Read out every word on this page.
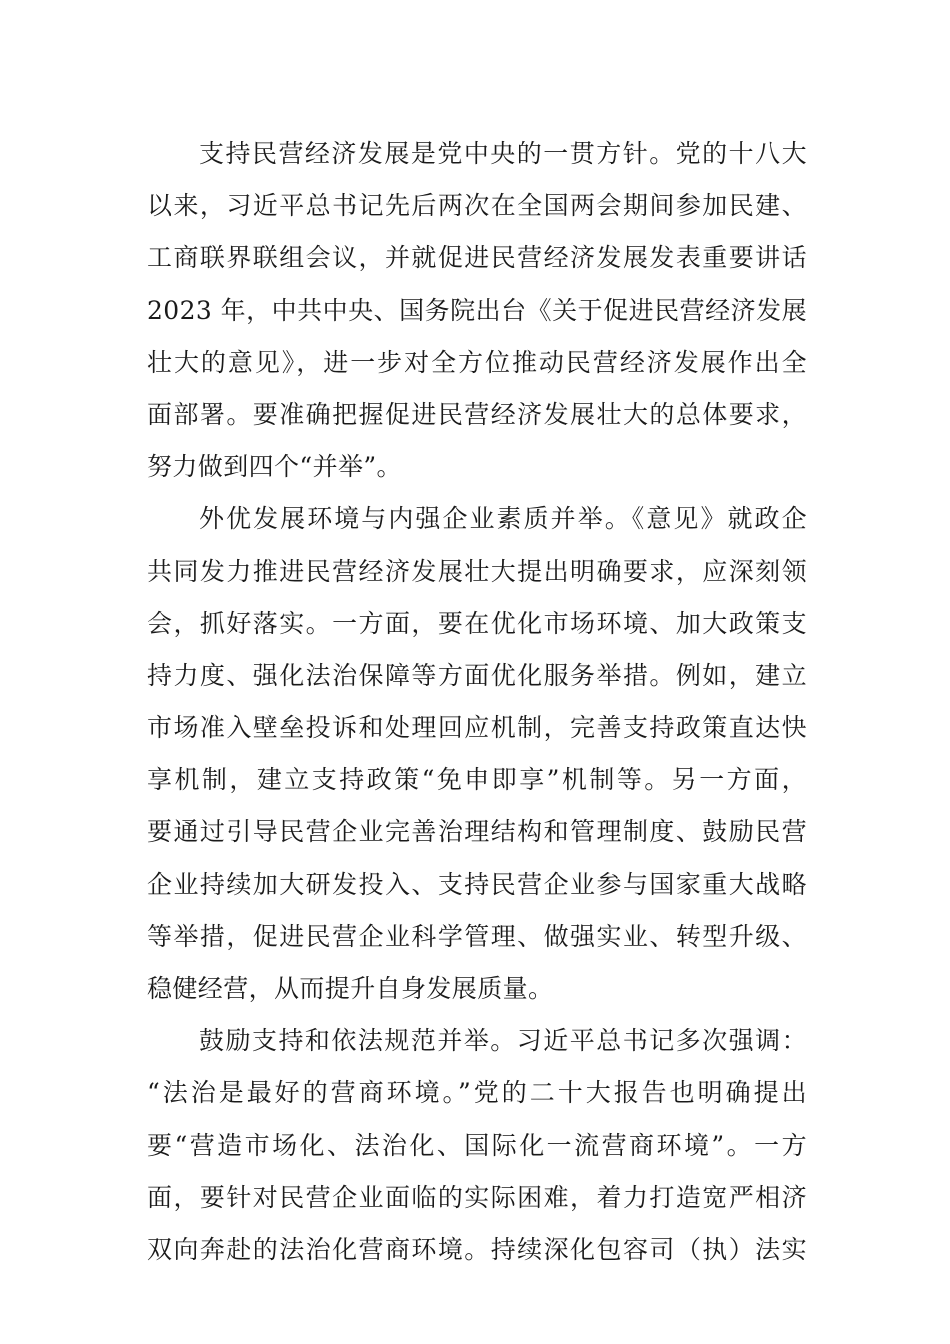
支持民营经济发展是党中央的一贯方针。党的十八大
以来，习近平总书记先后两次在全国两会期间参加民建、
工商联界联组会议，并就促进民营经济发展发表重要讲话
2023 年，中共中央、国务院出台《关于促进民营经济发展
壮大的意见》，进一步对全方位推动民营经济发展作出全
面部署。要准确把握促进民营经济发展壮大的总体要求，
努力做到四个“并举”。
外优发展环境与内强企业素质并举。《意见》就政企
共同发力推进民营经济发展壮大提出明确要求，应深刻领
会，抓好落实。一方面，要在优化市场环境、加大政策支
持力度、强化法治保障等方面优化服务举措。例如，建立
市场准入壁垒投诉和处理回应机制，完善支持政策直达快
享机制，建立支持政策“免申即享”机制等。另一方面，
要通过引导民营企业完善治理结构和管理制度、鼓励民营
企业持续加大研发投入、支持民营企业参与国家重大战略
等举措，促进民营企业科学管理、做强实业、转型升级、
稳健经营，从而提升自身发展质量。
鼓励支持和依法规范并举。习近平总书记多次强调：
“法治是最好的营商环境。”党的二十大报告也明确提出
要“营造市场化、法治化、国际化一流营商环境”。一方
面，要针对民营企业面临的实际困难，着力打造宽严相济
双向奔赴的法治化营商环境。持续深化包容司（执）法实
